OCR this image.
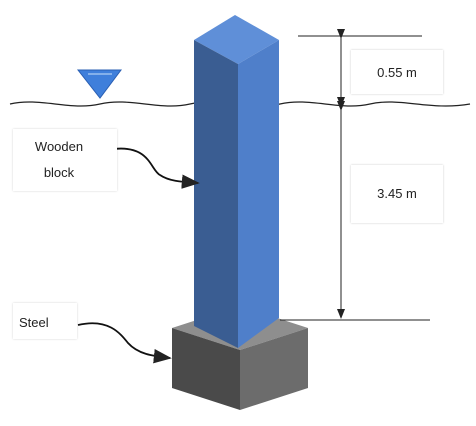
Wooden
block
Steel
0.55 m
3.45 m
